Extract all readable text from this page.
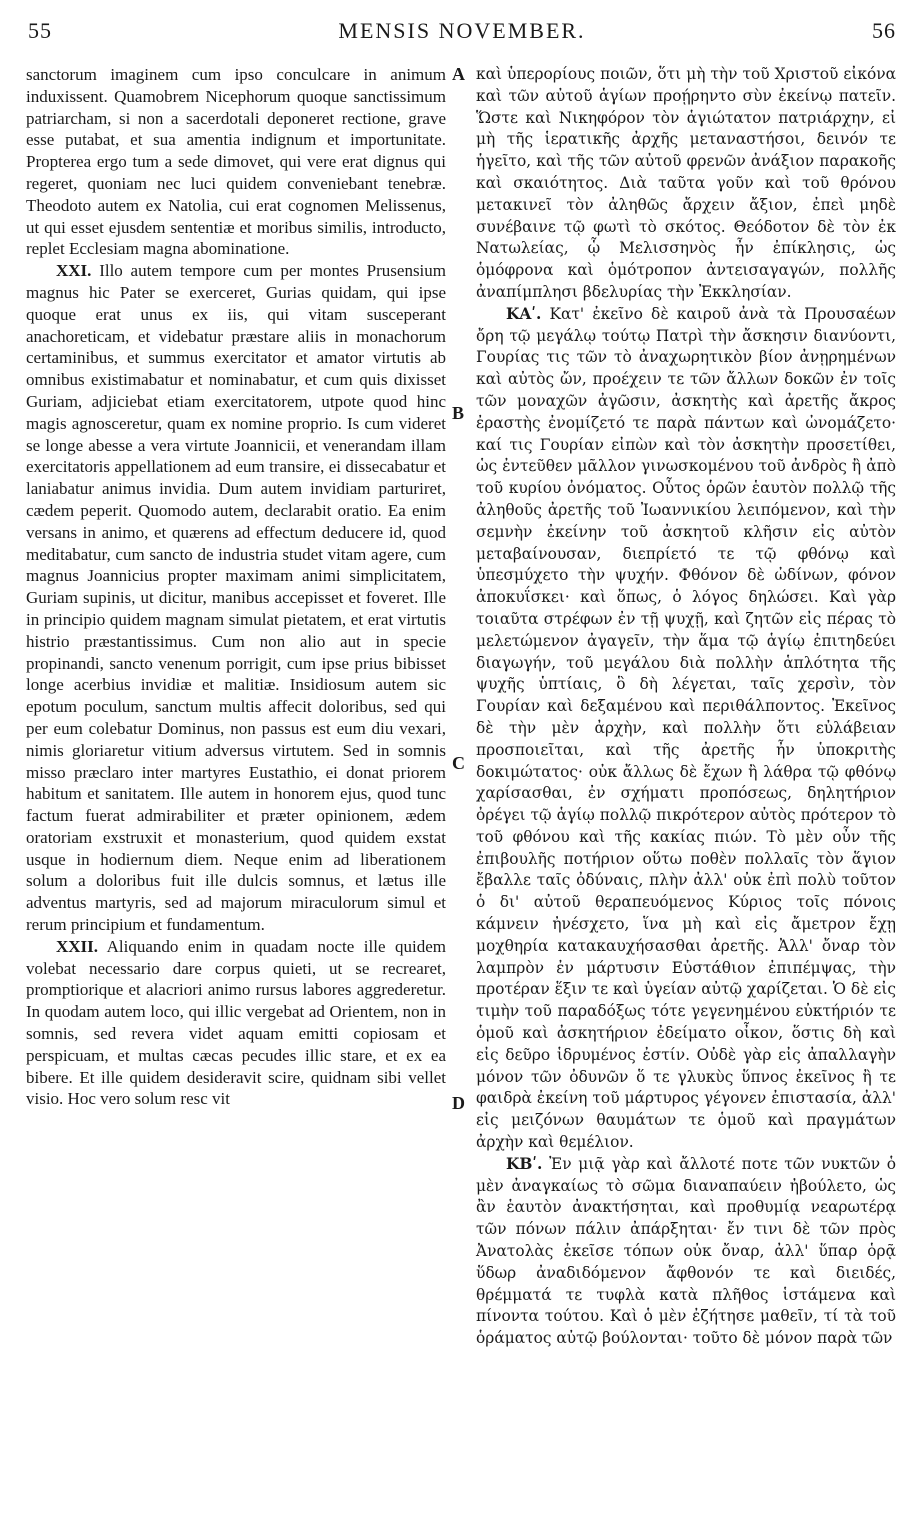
55	MENSIS NOVEMBER.	56

sanctorum imaginem cum ipso conculcare in animum induxissent. Quamobrem Nicephorum quoque sanctissimum patriarcham, si non a sacerdotali deponeret rectione, grave esse putabat, et sua amentia indignum et importunitate. Propterea ergo tum a sede dimovet, qui vere erat dignus qui regeret, quoniam nec luci quidem conveniebant tenebræ. Theodoto autem ex Natolia, cui erat cognomen Melissenus, ut qui esset ejusdem sententiæ et moribus similis, introducto, replet Ecclesiam magna abominatione.

XXI. Illo autem tempore cum per montes Prusensium magnus hic Pater se exerceret, Gurias quidam, qui ipse quoque erat unus ex iis, qui vitam susceperant anachoreticam, et videbatur præstare aliis in monachorum certaminibus, et summus exercitator et amator virtutis ab omnibus existimabatur et nominabatur, et cum quis dixisset Guriam, adjiciebat etiam exercitatorem, utpote quod hinc magis agnosceretur, quam ex nomine proprio. Is cum videret se longe abesse a vera virtute Joannicii, et venerandam illam exercitatoris appellationem ad eum transire, ei dissecabatur et laniabatur animus invidia. Dum autem invidiam parturiret, cædem peperit. Quomodo autem, declarabit oratio. Ea enim versans in animo, et quærens ad effectum deducere id, quod meditabatur, cum sancto de industria studet vitam agere, cum magnus Joannicius propter maximam animi simplicitatem, Guriam supinis, ut dicitur, manibus accepisset et foveret. Ille in principio quidem magnam simulat pietatem, et erat virtutis histrio præstantissimus. Cum non alio aut in specie propinandi, sancto venenum porrigit, cum ipse prius bibisset longe acerbius invidiæ et malitiæ. Insidiosum autem sic epotum poculum, sanctum multis affecit doloribus, sed qui per eum colebatur Dominus, non passus est eum diu vexari, nimis gloriaretur vitium adversus virtutem. Sed in somnis misso præclaro inter martyres Eustathio, ei donat priorem habitum et sanitatem. Ille autem in honorem ejus, quod tunc factum fuerat admirabiliter et præter opinionem, ædem oratoriam exstruxit et monasterium, quod quidem exstat usque in hodiernum diem. Neque enim ad liberationem solum a doloribus fuit ille dulcis somnus, et lætus ille adventus martyris, sed ad majorum miraculorum simul et rerum principium et fundamentum.

XXII. Aliquando enim in quadam nocte ille quidem volebat necessario dare corpus quieti, ut se recrearet, promptiorique et alacriori animo rursus labores aggrederetur. In quodam autem loco, qui illic vergebat ad Orientem, non in somnis, sed revera videt aquam emitti copiosam et perspicuam, et multas cæcas pecudes illic stare, et ex ea bibere. Et ille quidem desideravit scire, quidnam sibi vellet visio. Hoc vero solum resc vit

A
B
C
D

καὶ ὑπερορίους ποιῶν, ὅτι μὴ τὴν τοῦ Χριστοῦ εἰκόνα καὶ τῶν αὐτοῦ ἁγίων προῄρηντο σὺν ἐκείνῳ πατεῖν. Ὥστε καὶ Νικηφόρον τὸν ἁγιώτατον πατριάρχην, εἰ μὴ τῆς ἱερατικῆς ἀρχῆς μεταναστήσοι, δεινόν τε ἡγεῖτο, καὶ τῆς τῶν αὐτοῦ φρενῶν ἀνάξιον παρακοῆς καὶ σκαιότητος. Διὰ ταῦτα γοῦν καὶ τοῦ θρόνου μετακινεῖ τὸν ἀληθῶς ἄρχειν ἄξιον, ἐπεὶ μηδὲ συνέβαινε τῷ φωτὶ τὸ σκότος. Θεόδοτον δὲ τὸν ἐκ Νατωλείας, ᾧ Μελισσηνὸς ἦν ἐπίκλησις, ὡς ὁμόφρονα καὶ ὁμότροπον ἀντεισαγαγών, πολλῆς ἀναπίμπλησι βδελυρίας τὴν Ἐκκλησίαν.

ΚΑʹ. Κατ' ἐκεῖνο δὲ καιροῦ ἀνὰ τὰ Προυσαέων ὄρη τῷ μεγάλῳ τούτῳ Πατρὶ τὴν ἄσκησιν διανύοντι, Γουρίας τις τῶν τὸ ἀναχωρητικὸν βίον ἀνῃρημένων καὶ αὐτὸς ὤν, προέχειν τε τῶν ἄλλων δοκῶν ἐν τοῖς τῶν μοναχῶν ἀγῶσιν, ἀσκητὴς καὶ ἀρετῆς ἄκρος ἐραστὴς ἐνομίζετό τε παρὰ πάντων καὶ ὠνομάζετο· καί τις Γουρίαν εἰπὼν καὶ τὸν ἀσκητὴν προσετίθει, ὡς ἐντεῦθεν μᾶλλον γινωσκομένου τοῦ ἀνδρὸς ἢ ἀπὸ τοῦ κυρίου ὀνόματος. Οὗτος ὁρῶν ἑαυτὸν πολλῷ τῆς ἀληθοῦς ἀρετῆς τοῦ Ἰωαννικίου λειπόμενον, καὶ τὴν σεμνὴν ἐκείνην τοῦ ἀσκητοῦ κλῆσιν εἰς αὐτὸν μεταβαίνουσαν, διεπρίετό τε τῷ φθόνῳ καὶ ὑπεσμύχετο τὴν ψυχήν. Φθόνον δὲ ὠδίνων, φόνον ἀποκυΐσκει· καὶ ὅπως, ὁ λόγος δηλώσει. Καὶ γὰρ τοιαῦτα στρέφων ἐν τῇ ψυχῇ, καὶ ζητῶν εἰς πέρας τὸ μελετώμενον ἀγαγεῖν, τὴν ἅμα τῷ ἁγίῳ ἐπιτηδεύει διαγωγήν, τοῦ μεγάλου διὰ πολλὴν ἁπλότητα τῆς ψυχῆς ὑπτίαις, ὃ δὴ λέγεται, ταῖς χερσὶν, τὸν Γουρίαν καὶ δεξαμένου καὶ περιθάλποντος. Ἐκεῖνος δὲ τὴν μὲν ἀρχὴν, καὶ πολλὴν ὅτι εὐλάβειαν προσποιεῖται, καὶ τῆς ἀρετῆς ἦν ὑποκριτὴς δοκιμώτατος· οὐκ ἄλλως δὲ ἔχων ἢ λάθρα τῷ φθόνῳ χαρίσασθαι, ἐν σχήματι προπόσεως, δηλητήριον ὀρέγει τῷ ἁγίῳ πολλῷ πικρότερον αὐτὸς πρότερον τὸ τοῦ φθόνου καὶ τῆς κακίας πιών. Τὸ μὲν οὖν τῆς ἐπιβουλῆς ποτήριον οὕτω ποθὲν πολλαῖς τὸν ἅγιον ἔβαλλε ταῖς ὀδύναις, πλὴν ἀλλ' οὐκ ἐπὶ πολὺ τοῦτον ὁ δι' αὐτοῦ θεραπευόμενος Κύριος τοῖς πόνοις κάμνειν ἠνέσχετο, ἵνα μὴ καὶ εἰς ἄμετρον ἔχῃ μοχθηρία κατακαυχήσασθαι ἀρετῆς. Ἀλλ' ὄναρ τὸν λαμπρὸν ἐν μάρτυσιν Εὐστάθιον ἐπιπέμψας, τὴν προτέραν ἕξιν τε καὶ ὑγείαν αὐτῷ χαρίζεται. Ὁ δὲ εἰς τιμὴν τοῦ παραδόξως τότε γεγενημένου εὐκτήριόν τε ὁμοῦ καὶ ἀσκητήριον ἐδείματο οἶκον, ὅστις δὴ καὶ εἰς δεῦρο ἱδρυμένος ἐστίν. Οὐδὲ γὰρ εἰς ἀπαλλαγὴν μόνον τῶν ὀδυνῶν ὅ τε γλυκὺς ὕπνος ἐκεῖνος ἢ τε φαιδρὰ ἐκείνη τοῦ μάρτυρος γέγονεν ἐπιστασία, ἀλλ' εἰς μειζόνων θαυμάτων τε ὁμοῦ καὶ πραγμάτων ἀρχὴν καὶ θεμέλιον.

ΚΒʹ. Ἐν μιᾷ γὰρ καὶ ἄλλοτέ ποτε τῶν νυκτῶν ὁ μὲν ἀναγκαίως τὸ σῶμα διαναπαύειν ἠβούλετο, ὡς ἂν ἑαυτὸν ἀνακτήσηται, καὶ προθυμίᾳ νεαρωτέρᾳ τῶν πόνων πάλιν ἀπάρξηται· ἔν τινι δὲ τῶν πρὸς Ἀνατολὰς ἐκεῖσε τόπων οὐκ ὄναρ, ἀλλ' ὕπαρ ὁρᾷ ὕδωρ ἀναδιδόμενον ἄφθονόν τε καὶ διειδές, θρέμματά τε τυφλὰ κατὰ πλῆθος ἱστάμενα καὶ πίνοντα τούτου. Καὶ ὁ μὲν ἐζήτησε μαθεῖν, τί τὰ τοῦ ὁράματος αὐτῷ βούλονται· τοῦτο δὲ μόνον παρὰ τῶν
